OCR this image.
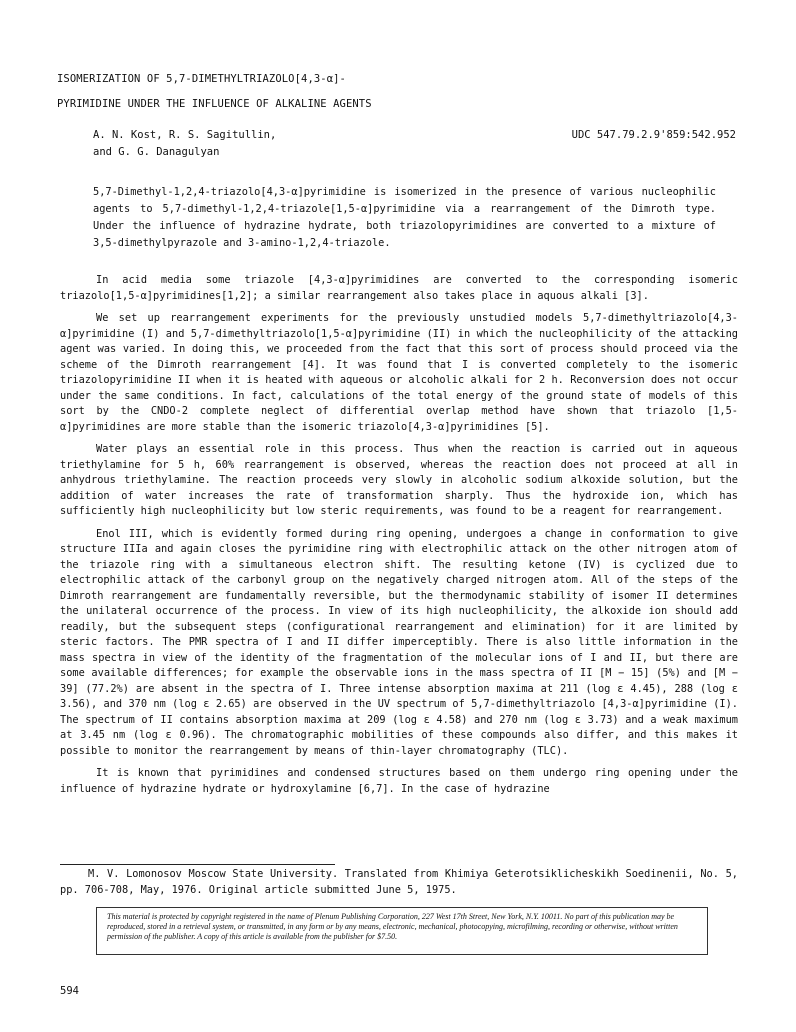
ISOMERIZATION OF 5,7-DIMETHYLTRIAZOLO[4,3-α]-
PYRIMIDINE UNDER THE INFLUENCE OF ALKALINE AGENTS
A. N. Kost, R. S. Sagitullin,
and G. G. Danagulyan
UDC 547.79.2.9'859:542.952
5,7-Dimethyl-1,2,4-triazolo[4,3-α]pyrimidine is isomerized in the presence of various nucleophilic agents to 5,7-dimethyl-1,2,4-triazole[1,5-α]pyrimidine via a rearrangement of the Dimroth type. Under the influence of hydrazine hydrate, both triazolopyrimidines are converted to a mixture of 3,5-dimethylpyrazole and 3-amino-1,2,4-triazole.

In acid media some triazole [4,3-α]pyrimidines are converted to the corresponding isomeric triazolo[1,5-α]pyrimidines[1,2]; a similar rearrangement also takes place in aquous alkali [3].

We set up rearrangement experiments for the previously unstudied models 5,7-dimethyltriazolo[4,3-α]pyrimidine (I) and 5,7-dimethyltriazolo[1,5-α]pyrimidine (II) in which the nucleophilicity of the attacking agent was varied. In doing this, we proceeded from the fact that this sort of process should proceed via the scheme of the Dimroth rearrangement [4]. It was found that I is converted completely to the isomeric triazolopyrimidine II when it is heated with aqueous or alcoholic alkali for 2 h. Reconversion does not occur under the same conditions. In fact, calculations of the total energy of the ground state of models of this sort by the CNDO-2 complete neglect of differential overlap method have shown that triazolo [1,5-α]pyrimidines are more stable than the isomeric triazolo[4,3-α]pyrimidines [5].

Water plays an essential role in this process. Thus when the reaction is carried out in aqueous triethylamine for 5 h, 60% rearrangement is observed, whereas the reaction does not proceed at all in anhydrous triethylamine. The reaction proceeds very slowly in alcoholic sodium alkoxide solution, but the addition of water increases the rate of transformation sharply. Thus the hydroxide ion, which has sufficiently high nucleophilicity but low steric requirements, was found to be a reagent for rearrangement.

Enol III, which is evidently formed during ring opening, undergoes a change in conformation to give structure IIIa and again closes the pyrimidine ring with electrophilic attack on the other nitrogen atom of the triazole ring with a simultaneous electron shift. The resulting ketone (IV) is cyclized due to electrophilic attack of the carbonyl group on the negatively charged nitrogen atom. All of the steps of the Dimroth rearrangement are fundamentally reversible, but the thermodynamic stability of isomer II determines the unilateral occurrence of the process. In view of its high nucleophilicity, the alkoxide ion should add readily, but the subsequent steps (configurational rearrangement and elimination) for it are limited by steric factors. The PMR spectra of I and II differ imperceptibly. There is also little information in the mass spectra in view of the identity of the fragmentation of the molecular ions of I and II, but there are some available differences; for example the observable ions in the mass spectra of II [M − 15] (5%) and [M − 39] (77.2%) are absent in the spectra of I. Three intense absorption maxima at 211 (log ε 4.45), 288 (log ε 3.56), and 370 nm (log ε 2.65) are observed in the UV spectrum of 5,7-dimethyltriazolo [4,3-α]pyrimidine (I). The spectrum of II contains absorption maxima at 209 (log ε 4.58) and 270 nm (log ε 3.73) and a weak maximum at 3.45 nm (log ε 0.96). The chromatographic mobilities of these compounds also differ, and this makes it possible to monitor the rearrangement by means of thin-layer chromatography (TLC).

It is known that pyrimidines and condensed structures based on them undergo ring opening under the influence of hydrazine hydrate or hydroxylamine [6,7]. In the case of hydrazine

M. V. Lomonosov Moscow State University. Translated from Khimiya Geterotsiklicheskikh Soedinenii, No. 5, pp. 706-708, May, 1976. Original article submitted June 5, 1975.
This material is protected by copyright registered in the name of Plenum Publishing Corporation, 227 West 17th Street, New York, N.Y. 10011. No part of this publication may be reproduced, stored in a retrieval system, or transmitted, in any form or by any means, electronic, mechanical, photocopying, microfilming, recording or otherwise, without written permission of the publisher. A copy of this article is available from the publisher for $7.50.
594
